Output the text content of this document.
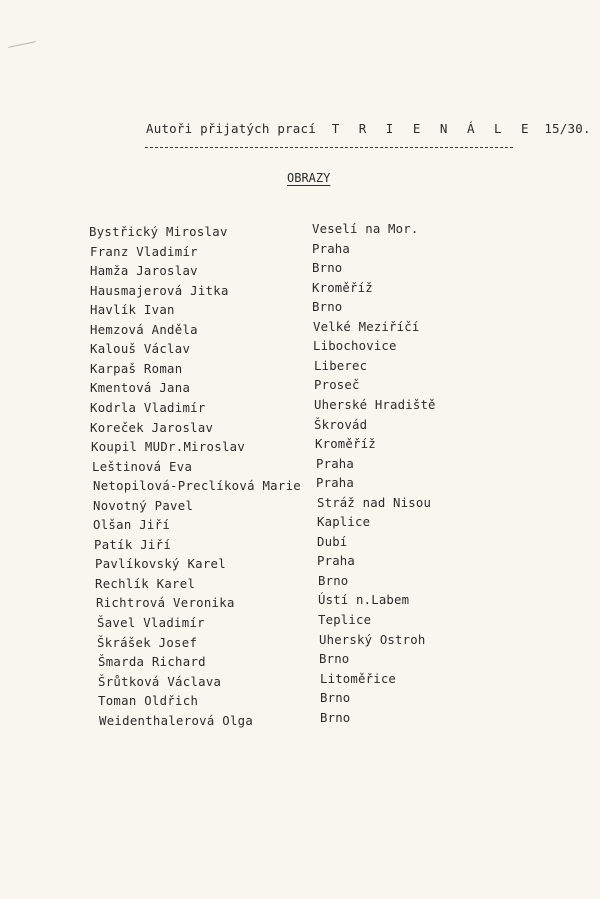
Autoři přijatých prací T R I E N Á L E 15/30.
OBRAZY
Bystřický Miroslav	Veselí na Mor.
Franz Vladimír	Praha
Hamža Jaroslav	Brno
Hausmajerová Jitka	Kroměříž
Havlík Ivan	Brno
Hemzová Anděla	Velké Meziříčí
Kalouš Václav	Libochovice
Karpaš Roman	Liberec
Kmentová Jana	Proseč
Kodrla Vladimír	Uherské Hradiště
Koreček Jaroslav	Škrovád
Koupil MUDr.Miroslav	Kroměříž
Leštinová Eva	Praha
Netopilová-Preclíková Marie Praha
Novotný Pavel	Stráž nad Nisou
Olšan Jiří	Kaplice
Patík Jiří	Dubí
Pavlíkovský Karel	Praha
Rechlík Karel	Brno
Richtrová Veronika	Ústí n.Labem
Šavel Vladimír	Teplice
Škrášek Josef	Uherský Ostroh
Šmarda Richard	Brno
Šrůtková Václava	Litoměřice
Toman Oldřich	Brno
Weidenthalerová Olga	Brno
